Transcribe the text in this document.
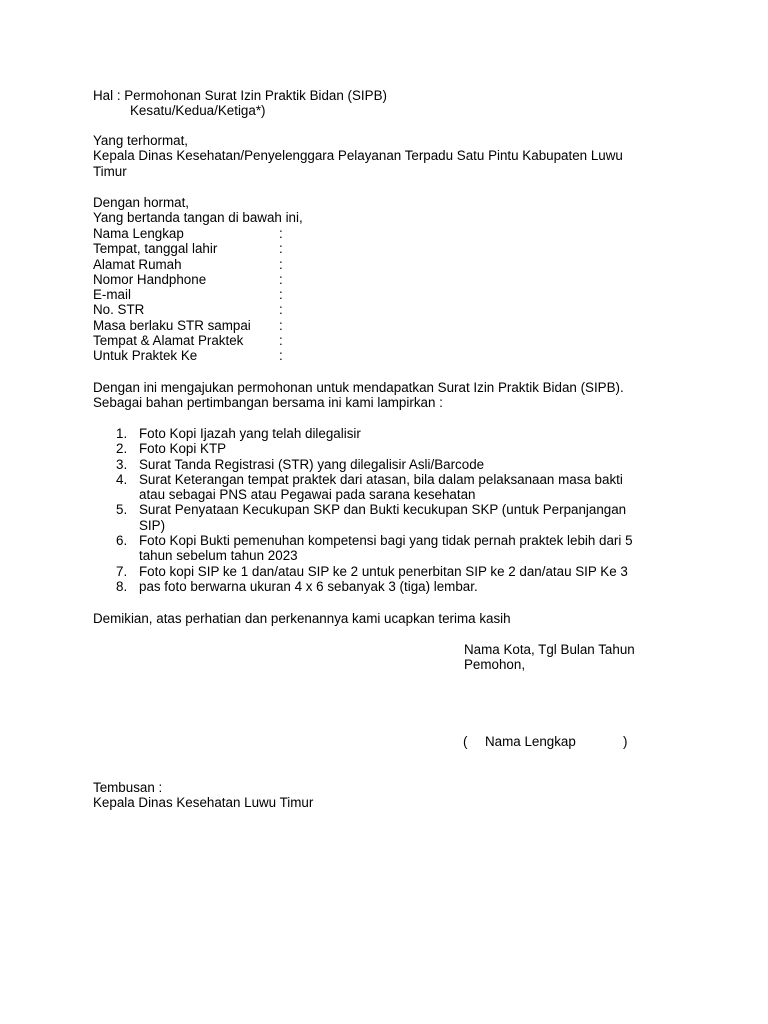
Hal : Permohonan Surat Izin Praktik Bidan (SIPB)
Kesatu/Kedua/Ketiga*)
Yang terhormat,
Kepala Dinas Kesehatan/Penyelenggara Pelayanan Terpadu Satu Pintu Kabupaten Luwu
Timur
Dengan hormat,
Yang bertanda tangan di bawah ini,
Nama Lengkap	:
Tempat, tanggal lahir	:
Alamat Rumah	:
Nomor Handphone	:
E-mail	:
No. STR	:
Masa berlaku STR sampai :
Tempat & Alamat Praktek	:
Untuk Praktek Ke	:
Dengan ini mengajukan permohonan untuk mendapatkan Surat Izin Praktik Bidan (SIPB).
Sebagai bahan pertimbangan bersama ini kami lampirkan :
1. Foto Kopi Ijazah yang telah dilegalisir
2. Foto Kopi KTP
3. Surat Tanda Registrasi (STR) yang dilegalisir Asli/Barcode
4. Surat Keterangan tempat praktek dari atasan, bila dalam pelaksanaan masa bakti
atau sebagai PNS atau Pegawai pada sarana kesehatan
5. Surat Penyataan Kecukupan SKP dan Bukti kecukupan SKP (untuk Perpanjangan
SIP)
6. Foto Kopi Bukti pemenuhan kompetensi bagi yang tidak pernah praktek lebih dari 5
tahun sebelum tahun 2023
7. Foto kopi SIP ke 1 dan/atau SIP ke 2 untuk penerbitan SIP ke 2 dan/atau SIP Ke 3
8. pas foto berwarna ukuran 4 x 6 sebanyak 3 (tiga) lembar.
Demikian, atas perhatian dan perkenannya kami ucapkan terima kasih
Nama Kota, Tgl Bulan Tahun
Pemohon,
( Nama Lengkap	)
Tembusan :
Kepala Dinas Kesehatan Luwu Timur
